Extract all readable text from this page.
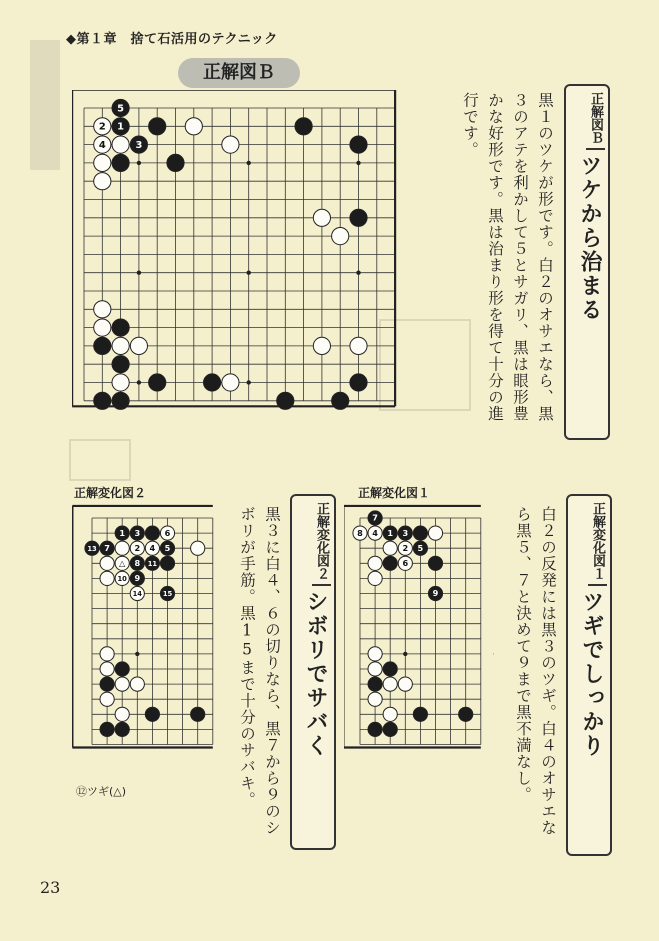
◆第１章　捨て石活用のテクニック
正解図Ｂ
5
2 1
4	3
正解図Ｂ
ツケから治まる
黒１のツケが形です。白２のオサエなら、黒３のアテを利かして５とサガリ、黒は眼形豊かな好形です。黒は治まり形を得て十分の進行です。
正解変化図２	正解変化図１
1 3	6
13 7	2 4 5
△ 8 11
10 9
14	15
⑫ツギ(△)
7
8 4 1 3
2 5
6
9
正解変化図２
シボリでサバく
黒３に白４、６の切りなら、黒７から９のシボリが手筋。黒15まで十分のサバキ。	正解変化図１
ツギでしっかり
白２の反発には黒３のツギ。白４のオサエなら黒５、７と決めて９まで黒不満なし。
23
